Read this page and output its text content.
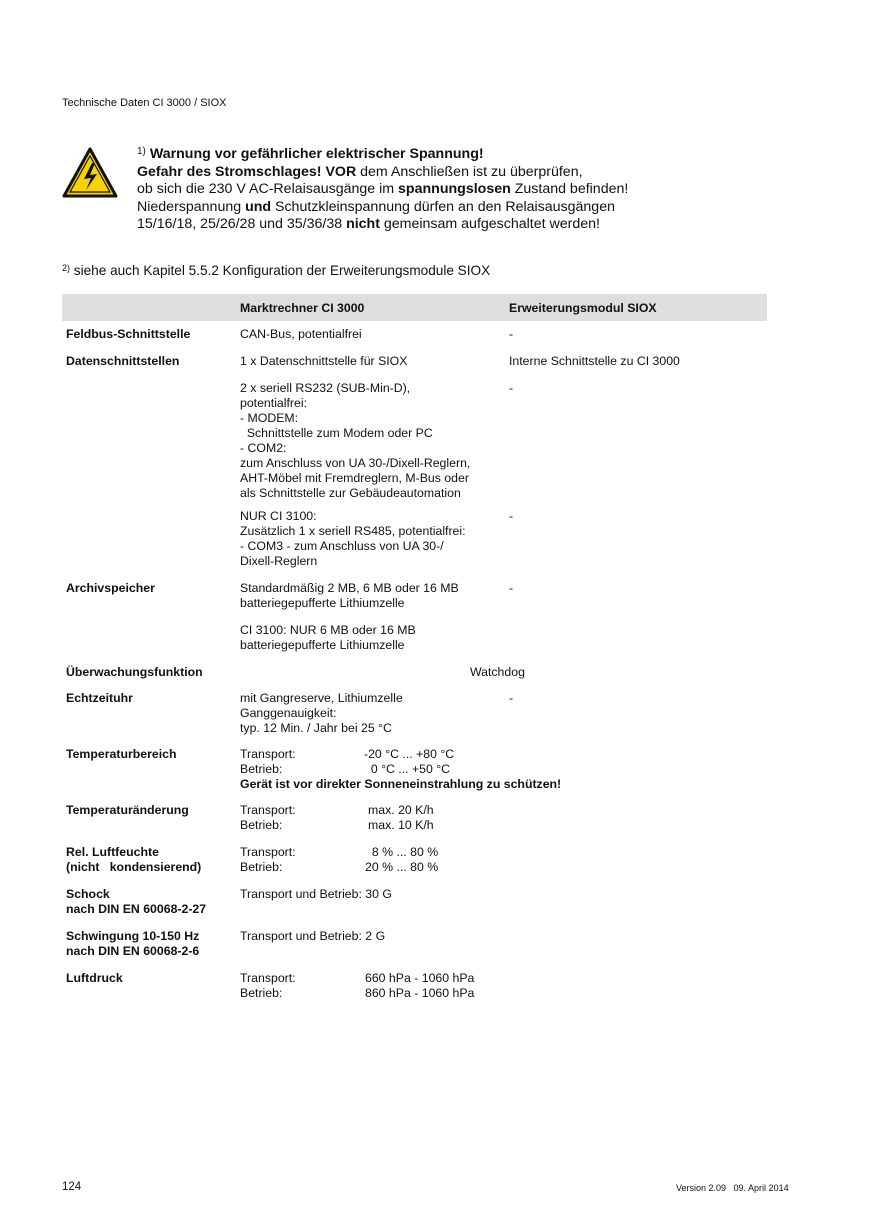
Technische Daten CI 3000 / SIOX
$^{1)}$ Warnung vor gefährlicher elektrischer Spannung!
Gefahr des Stromschlages! VOR dem Anschließen ist zu überprüfen,
ob sich die 230 V AC-Relaisausgänge im spannungslosen Zustand befinden!
Niederspannung und Schutzkleinspannung dürfen an den Relaisausgängen
15/16/18, 25/26/28 und 35/36/38 nicht gemeinsam aufgeschaltet werden!
$^{2)}$ siehe auch Kapitel 5.5.2 Konfiguration der Erweiterungsmodule SIOX
Marktrechner CI 3000	Erweiterungsmodul SIOX
Feldbus-Schnittstelle	CAN-Bus, potentialfrei	-
Datenschnittstellen	1 x Datenschnittstelle für SIOX	Interne Schnittstelle zu CI 3000
2 x seriell RS232 (SUB-Min-D),
potentialfrei:
- MODEM:
Schnittstelle zum Modem oder PC
- COM2:
zum Anschluss von UA 30-/Dixell-Reglern,
AHT-Möbel mit Fremdreglern, M-Bus oder
als Schnittstelle zur Gebäudeautomation
-
NUR CI 3100:
Zusätzlich 1 x seriell RS485, potentialfrei:
- COM3 - zum Anschluss von UA 30-/
Dixell-Reglern
-
Archivspeicher	Standardmäßig 2 MB, 6 MB oder 16 MB
batteriegepufferte Lithiumzelle
-
CI 3100: NUR 6 MB oder 16 MB
batteriegepufferte Lithiumzelle
Überwachungsfunktion	Watchdog
Echtzeituhr	mit Gangreserve, Lithiumzelle
Ganggenauigkeit:
typ. 12 Min. / Jahr bei 25 °C
-
Temperaturbereich	Transport:	-20 °C ... +80 °C
Betrieb:	0 °C ... +50 °C
Gerät ist vor direkter Sonneneinstrahlung zu schützen!
Temperaturänderung	Transport:	max. 20 K/h
Betrieb:	max. 10 K/h
Rel. Luftfeuchte
(nicht   kondensierend)
Transport:	8 % ... 80 %
Betrieb:	20 % ... 80 %
Schock
nach DIN EN 60068-2-27
Transport und Betrieb: 30 G
Schwingung 10-150 Hz
nach DIN EN 60068-2-6
Transport und Betrieb: 2 G
Luftdruck	Transport:	660 hPa - 1060 hPa
Betrieb:	860 hPa - 1060 hPa
124	Version 2.09   09. April 2014
